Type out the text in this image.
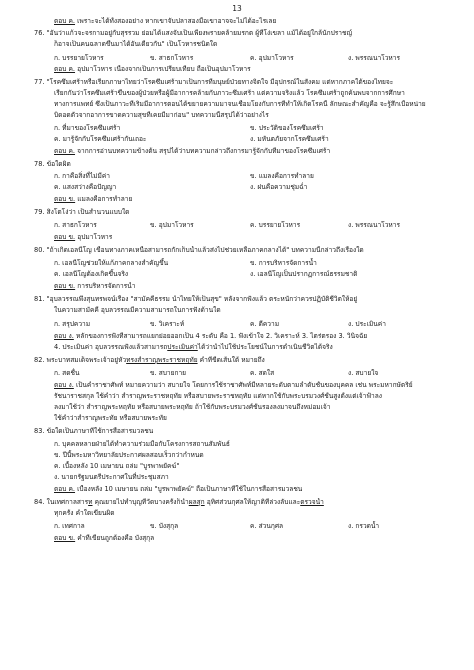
13
ตอบ ค. เพราะจะได้ทั้งสองอย่าง หากเขาจับปลาสองมือเขาอาจจะไม่ได้อะไรเลย
76. "อันว่าแก้วจะจรกามอยู่กับสุรรวม ย่อมได้แสงจับเป็นเพียงพรายคล้ายมรกต ผู้ที่โง่เขลา แม้ได้อยู่ใกล้นักปราชญ์
ก็อาจเป็นคนฉลาดขึ้นมาได้อันเดียวกัน" เป็นโวหารชนิดใด
ก. บรรยายโวหาร	ข. สาธกโวหาร	ค. อุปมาโวหาร	ง. พรรณนาโวหาร
ตอบ ค. อุปมาโวหาร เนื่องจากเป็นการเปรียบเทียบ ถือเป็นอุปมาโวหาร
77. "โรคซึมเศร้าหรือเรียกภาษาไทยว่าโรคซึมเศร้ามาเป็นการที่มนุษย์ป่วยทางจิตใจ มีอุปกรณ์ในสังคม แต่หากภาคใต้ของไทยจะ
เรียกกันว่าโรคซึมเศร้าขึ้นของผู้ป่วยหรือผู้มีอาการคล้ายกับภาวะซึมเศร้า แต่ความจริงแล้ว โรคซึมเศร้าถูกค้นพบจากการศึกษา
ทางการแพทย์ ซึ่งเป็นภาวะที่เริ่มมีอาการตอนได้ขยายความมาจนเชื่อมโยงกับการที่ทำให้เกิดโรคนี้ ลักษณะสำคัญคือ จะรู้สึกเบื่อหน่าย
บิดอดตัวจากอาการขาดความสุขที่เคยมีมาก่อน" บทความนี้สรุปได้ว่าอย่างไร
ก. ที่มาของโรคซึมเศร้า	ข. ประวัติของโรคซึมเศร้า
ค. มารู้จักกับโรคซึมเศร้ากันเถอะ	ง. มหันตภัยจากโรคซึมเศร้า
ตอบ ค. จากการอ่านบทความข้างต้น สรุปได้ว่าบทความกล่าวถึงการมารู้จักกับที่มาของโรคซึมเศร้า
78. ข้อใดผิด
ก. กาคือสิ่งที่ไม่มีค่า	ข. แมลงคือการทำลาย
ค. แสงสว่างคือปัญญา	ง. ฝนคือความชุ่มฉ่ำ
ตอบ ข. แมลงคือการทำลาย
79. สิงโตโง่ว่า เป็นสำนวนแบบใด
ก. สาธกโวหาร	ข. อุปมาโวหาร	ค. บรรยายโวหาร	ง. พรรณนาโวหาร
ตอบ ข. อุปมาโวหาร
80. "ถ้าเกิดเอลนีโญ เขื่อนทางภาคเหนือสามารถกักเก็บน้ำแล้วส่งไปช่วยเหลือภาคกลางได้" บทความนี้กล่าวถึงเรื่องใด
ก. เอลนีโญช่วยให้แก้ภาคกลางสำคัญขึ้น	ข. การบริหารจัดการน้ำ
ค. เอลนีโญต้องเกิดขึ้นจริง	ง. เอลนีโญเป็นปรากฏการณ์ธรรมชาติ
ตอบ ข. การบริหารจัดการน้ำ
81. "อุบลวรรณพึ่งสุนทรพจน์เรื่อง "สามัคคีธรรม นำไทยให้เป็นสุข" หลังจากฟังแล้ว ตระหนักว่าควรปฏิบัติชีวิตให้อยู่
ในความสามัคคี อุบลวรรณมีความสามารถในการฟังด้านใด
ก. สรุปความ	ข. วิเคราะห์	ค. ตีความ	ง. ประเมินค่า
ตอบ ง. หลักของการฟังที่สามารถแยกย่อยออกเป็น 4 ระดับ คือ 1. ฟังเข้าใจ 2. วิเคราะห์ 3. ไตร่ตรอง 3. วินิจฉัย
4. ประเมินค่า อุบลวรรณฟังแล้วสามารถประเมินค่าได้ว่านำไปใช้ประโยชน์ในการดำเนินชีวิตได้จริง
82. พระบาทสมเด็จพระเจ้าอยู่หัวทรงสำราญพระราชหฤทัย คำที่ขีดเส้นใต้ หมายถึง
ก. สดชื่น	ข. สบายกาย	ค. สดใส	ง. สบายใจ
ตอบ ง. เป็นคำราชาศัพท์ หมายความว่า สบายใจ โดยการใช้ราชาศัพท์มีหลายระดับตามลำดับชั้นของบุคคล เช่น พระมหากษัตริย์
รัชนาราชสกุล ใช้คำว่า สำราญพระราชหฤทัย หรือสบายพระราชหฤทัย แต่หากใช้กับพระบรมวงศ์ชั้นสูงตั้งแต่เจ้าฟ้าลง
ลงมาใช้ว่า สำราญพระหฤทัย หรือสบายพระหฤทัย ถ้าใช้กับพระบรมวงศ์ชั้นรองลงมาจนถึงหม่อมเจ้า
ใช้คำว่าสำราญพระทัย หรือสบายพระทัย
83. ข้อใดเป็นภาษาที่ใช้การสื่อสารมวลชน
ก. บุคคลหลายฝ่ายได้ทำความร่วมมือกับโครงการสถานสัมพันธ์
ข. ปีนี้พระมหาวิทยาลัยประกาศผลสอบเร็วกว่ากำหนด
ค. เบื้องหลัง 10 เมษายน ถล่ม "บูรพาพยัคฆ์"
ง. นายกรัฐมนตรีประกาศในที่ประชุมสภา
ตอบ ค. เบื้องหลัง 10 เมษายน ถล่ม "บูรพาพยัคฆ์" ถือเป็นภาษาที่ใช้ในการสื่อสารมวลชน
84. ในเทศกาลสารท คุณยายไปทำบุญที่วัดบางครั้งก็นำผลสุก อุทิศส่วนกุศลให้ญาติที่ล่วงลับและตรวจน้ำ
ทุกครั้ง คำใดเขียนผิด
ก. เทศกาล	ข. บังสุกุล	ค. ส่วนกุศล	ง. กรวดน้ำ
ตอบ ข. คำที่เขียนถูกต้องคือ บังสุกุล
